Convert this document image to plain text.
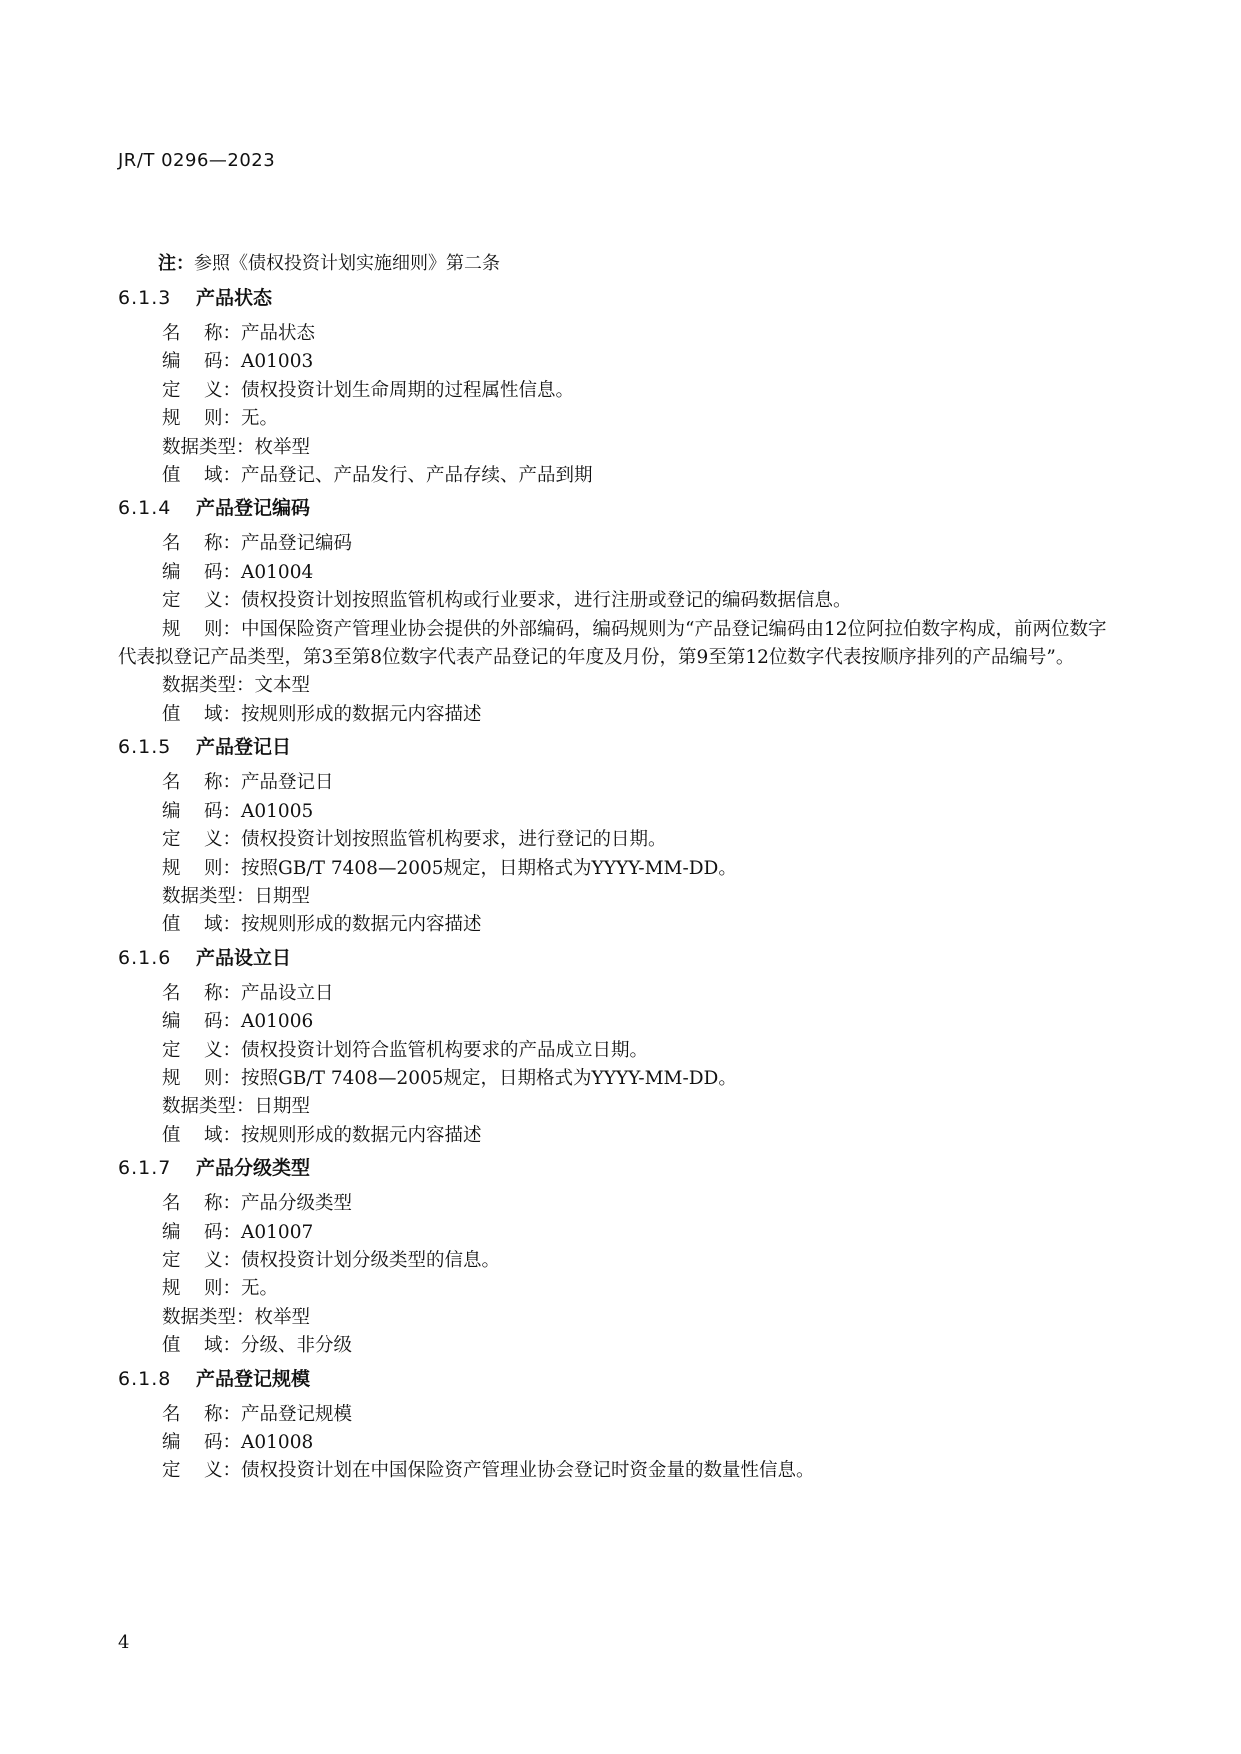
JR/T 0296—2023
注：参照《债权投资计划实施细则》第二条
6.1.3 产品状态
名    称：产品状态
编    码：A01003
定    义：债权投资计划生命周期的过程属性信息。
规    则：无。
数据类型：枚举型
值    域：产品登记、产品发行、产品存续、产品到期
6.1.4 产品登记编码
名    称：产品登记编码
编    码：A01004
定    义：债权投资计划按照监管机构或行业要求，进行注册或登记的编码数据信息。
规    则：中国保险资产管理业协会提供的外部编码，编码规则为“产品登记编码由12位阿拉伯数字构成，前两位数字代表拟登记产品类型，第3至第8位数字代表产品登记的年度及月份，第9至第12位数字代表按顺序排列的产品编号”。
数据类型：文本型
值    域：按规则形成的数据元内容描述
6.1.5 产品登记日
名    称：产品登记日
编    码：A01005
定    义：债权投资计划按照监管机构要求，进行登记的日期。
规    则：按照GB/T 7408—2005规定，日期格式为YYYY-MM-DD。
数据类型：日期型
值    域：按规则形成的数据元内容描述
6.1.6 产品设立日
名    称：产品设立日
编    码：A01006
定    义：债权投资计划符合监管机构要求的产品成立日期。
规    则：按照GB/T 7408—2005规定，日期格式为YYYY-MM-DD。
数据类型：日期型
值    域：按规则形成的数据元内容描述
6.1.7 产品分级类型
名    称：产品分级类型
编    码：A01007
定    义：债权投资计划分级类型的信息。
规    则：无。
数据类型：枚举型
值    域：分级、非分级
6.1.8 产品登记规模
名    称：产品登记规模
编    码：A01008
定    义：债权投资计划在中国保险资产管理业协会登记时资金量的数量性信息。
4
